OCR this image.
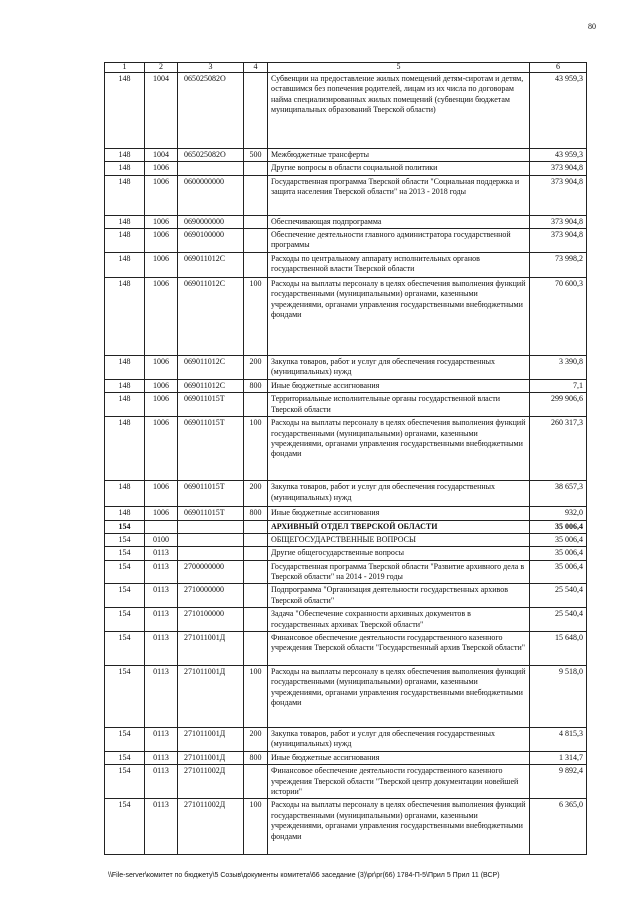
80
1	2	3	4	5	6
148	1004	065025082О		Субвенции на предоставление жилых помещений детям-сиротам и детям, оставшимся без попечения родителей, лицам из их числа по договорам найма специализированных жилых помещений (субвенции бюджетам муниципальных образований Тверской области)	43 959,3
148	1004	065025082О	500	Межбюджетные трансферты	43 959,3
148	1006			Другие вопросы в области социальной политики	373 904,8
148	1006	0600000000		Государственная программа Тверской области "Социальная поддержка и защита населения Тверской области" на 2013 - 2018 годы	373 904,8
148	1006	0690000000		Обеспечивающая подпрограмма	373 904,8
148	1006	0690100000		Обеспечение деятельности главного администратора государственной программы	373 904,8
148	1006	069011012С		Расходы по центральному аппарату исполнительных органов государственной власти Тверской области	73 998,2
148	1006	069011012С	100	Расходы на выплаты персоналу в целях обеспечения выполнения функций государственными (муниципальными) органами, казенными учреждениями, органами управления государственными внебюджетными фондами	70 600,3
148	1006	069011012С	200	Закупка товаров, работ и услуг для обеспечения государственных (муниципальных) нужд	3 390,8
148	1006	069011012С	800	Иные бюджетные ассигнования	7,1
148	1006	069011015Т		Территориальные исполнительные органы государственной власти Тверской области	299 906,6
148	1006	069011015Т	100	Расходы на выплаты персоналу в целях обеспечения выполнения функций государственными (муниципальными) органами, казенными учреждениями, органами управления государственными внебюджетными фондами	260 317,3
148	1006	069011015Т	200	Закупка товаров, работ и услуг для обеспечения государственных (муниципальных) нужд	38 657,3
148	1006	069011015Т	800	Иные бюджетные ассигнования	932,0
154				АРХИВНЫЙ ОТДЕЛ ТВЕРСКОЙ ОБЛАСТИ	35 006,4
154	0100			ОБЩЕГОСУДАРСТВЕННЫЕ ВОПРОСЫ	35 006,4
154	0113			Другие общегосударственные вопросы	35 006,4
154	0113	2700000000		Государственная программа Тверской области "Развитие архивного дела в Тверской области" на 2014 - 2019 годы	35 006,4
154	0113	2710000000		Подпрограмма "Организация деятельности государственных архивов Тверской области"	25 540,4
154	0113	2710100000		Задача "Обеспечение сохранности архивных документов в государственных архивах Тверской области"	25 540,4
154	0113	271011001Д		Финансовое обеспечение деятельности государственного казенного учреждения Тверской области "Государственный архив Тверской области"	15 648,0
154	0113	271011001Д	100	Расходы на выплаты персоналу в целях обеспечения выполнения функций государственными (муниципальными) органами, казенными учреждениями, органами управления государственными внебюджетными фондами	9 518,0
154	0113	271011001Д	200	Закупка товаров, работ и услуг для обеспечения государственных (муниципальных) нужд	4 815,3
154	0113	271011001Д	800	Иные бюджетные ассигнования	1 314,7
154	0113	271011002Д		Финансовое обеспечение деятельности государственного казенного учреждения Тверской области "Тверской центр документации новейшей истории"	9 892,4
154	0113	271011002Д	100	Расходы на выплаты персоналу в целях обеспечения выполнения функций государственными (муниципальными) органами, казенными учреждениями, органами управления государственными внебюджетными фондами	6 365,0
\\File-server\комитет по бюджету\5 Созыв\документы комитета\66 заседание (3)\pr\pr(66) 1784-П-5\Прил 5 Прил 11 (ВСР)
